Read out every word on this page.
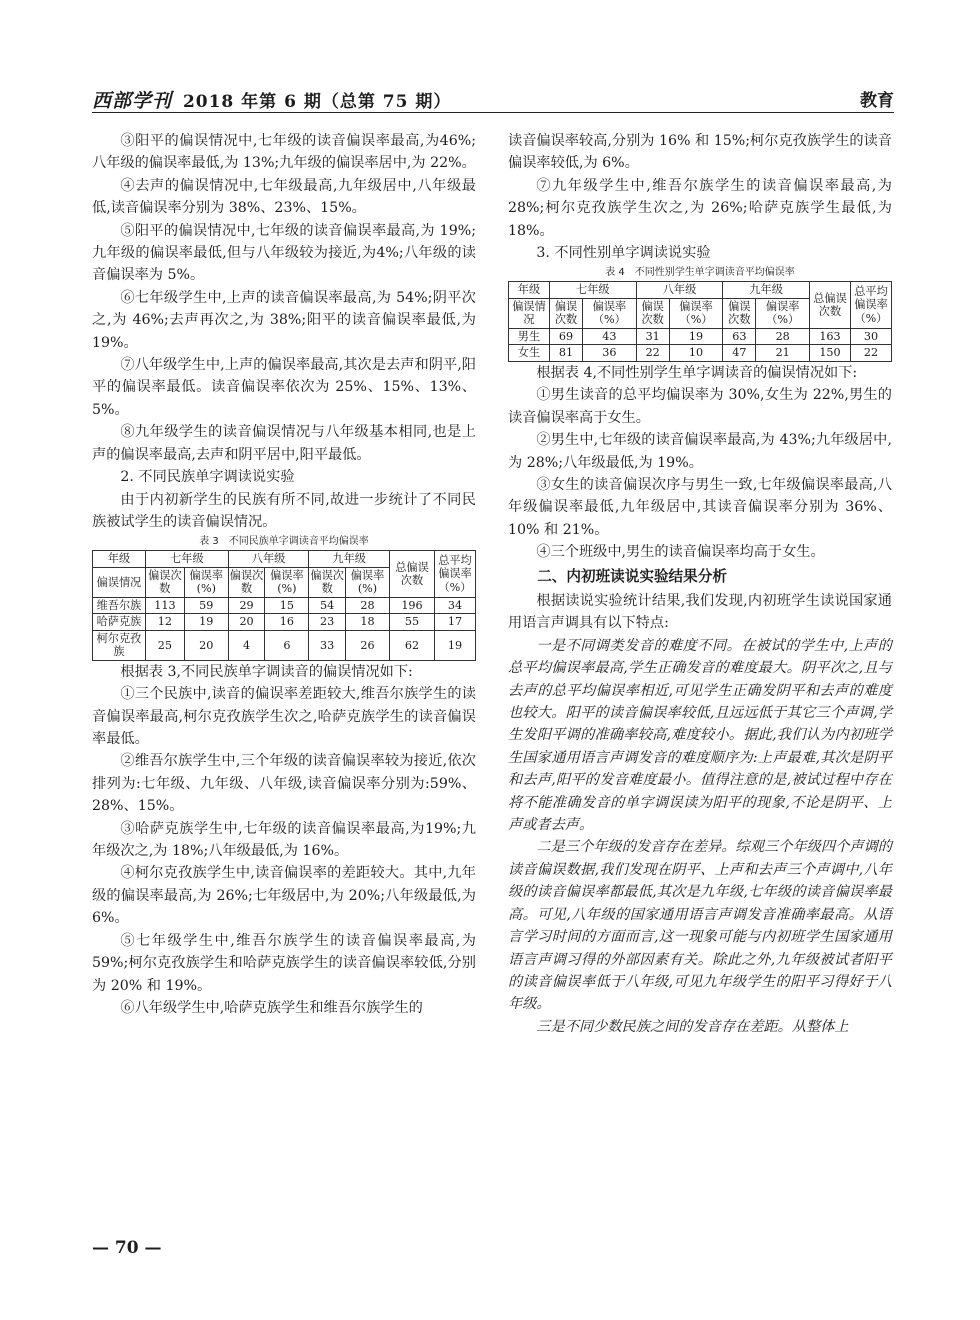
西部学刊 2018 年第 6 期（总第 75 期）	教育

③阳平的偏误情况中,七年级的读音偏误率最高,为46%;八年级的偏误率最低,为 13%;九年级的偏误率居中,为 22%。

④去声的偏误情况中,七年级最高,九年级居中,八年级最低,读音偏误率分别为 38%、23%、15%。

⑤阳平的偏误情况中,七年级的读音偏误率最高,为 19%;九年级的偏误率最低,但与八年级较为接近,为4%;八年级的读音偏误率为 5%。

⑥七年级学生中,上声的读音偏误率最高,为 54%;阴平次之,为 46%;去声再次之,为 38%;阳平的读音偏误率最低,为 19%。

⑦八年级学生中,上声的偏误率最高,其次是去声和阴平,阳平的偏误率最低。读音偏误率依次为 25%、15%、13%、5%。

⑧九年级学生的读音偏误情况与八年级基本相同,也是上声的偏误率最高,去声和阴平居中,阳平最低。

2. 不同民族单字调读说实验

由于内初新学生的民族有所不同,故进一步统计了不同民族被试学生的读音偏误情况。

表 3　不同民族单字调读音平均偏误率
年级	七年级		八年级		九年级		总偏误次数	总平均偏误率（%）
偏误情况	偏误次数	偏误率(%)	偏误次数	偏误率(%)	偏误次数	偏误率(%)		
维吾尔族	113	59	29	15	54	28	196	34
哈萨克族	12	19	20	16	23	18	55	17
柯尔克孜族	25	20	4	6	33	26	62	19

根据表 3,不同民族单字调读音的偏误情况如下:

①三个民族中,读音的偏误率差距较大,维吾尔族学生的读音偏误率最高,柯尔克孜族学生次之,哈萨克族学生的读音偏误率最低。

②维吾尔族学生中,三个年级的读音偏误率较为接近,依次排列为:七年级、九年级、八年级,读音偏误率分别为:59%、28%、15%。

③哈萨克族学生中,七年级的读音偏误率最高,为19%;九年级次之,为 18%;八年级最低,为 16%。

④柯尔克孜族学生中,读音偏误率的差距较大。其中,九年级的偏误率最高,为 26%;七年级居中,为 20%;八年级最低,为 6%。

⑤七年级学生中,维吾尔族学生的读音偏误率最高,为 59%;柯尔克孜族学生和哈萨克族学生的读音偏误率较低,分别为 20% 和 19%。

⑥八年级学生中,哈萨克族学生和维吾尔族学生的

读音偏误率较高,分别为 16% 和 15%;柯尔克孜族学生的读音偏误率较低,为 6%。

⑦九年级学生中,维吾尔族学生的读音偏误率最高,为 28%;柯尔克孜族学生次之,为 26%;哈萨克族学生最低,为 18%。

3. 不同性别单字调读说实验
表 4　不同性别学生单字调读音平均偏误率
年级	七年级		八年级		九年级		总偏误次数	总平均偏误率（%）
偏误情况	偏误次数	偏误率（%）	偏误次数	偏误率（%）	偏误次数	偏误率（%）		
男生	69	43	31	19	63	28	163	30
女生	81	36	22	10	47	21	150	22

根据表 4,不同性别学生单字调读音的偏误情况如下:

①男生读音的总平均偏误率为 30%,女生为 22%,男生的读音偏误率高于女生。

②男生中,七年级的读音偏误率最高,为 43%;九年级居中,为 28%;八年级最低,为 19%。

③女生的读音偏误次序与男生一致,七年级偏误率最高,八年级偏误率最低,九年级居中,其读音偏误率分别为 36%、10% 和 21%。

④三个班级中,男生的读音偏误率均高于女生。

二、内初班读说实验结果分析

根据读说实验统计结果,我们发现,内初班学生读说国家通用语言声调具有以下特点:

一是不同调类发音的难度不同。在被试的学生中,上声的总平均偏误率最高,学生正确发音的难度最大。阴平次之,且与去声的总平均偏误率相近,可见学生正确发阴平和去声的难度也较大。阳平的读音偏误率较低,且远远低于其它三个声调,学生发阳平调的准确率较高,难度较小。据此,我们认为内初班学生国家通用语言声调发音的难度顺序为:上声最难,其次是阴平和去声,阳平的发音难度最小。值得注意的是,被试过程中存在将不能准确发音的单字调误读为阳平的现象,不论是阴平、上声或者去声。

二是三个年级的发音存在差异。综观三个年级四个声调的读音偏误数据,我们发现在阴平、上声和去声三个声调中,八年级的读音偏误率都最低,其次是九年级,七年级的读音偏误率最高。可见,八年级的国家通用语言声调发音准确率最高。从语言学习时间的方面而言,这一现象可能与内初班学生国家通用语言声调习得的外部因素有关。除此之外,九年级被试者阳平的读音偏误率低于八年级,可见九年级学生的阳平习得好于八年级。

三是不同少数民族之间的发音存在差距。从整体上

— 70 —
